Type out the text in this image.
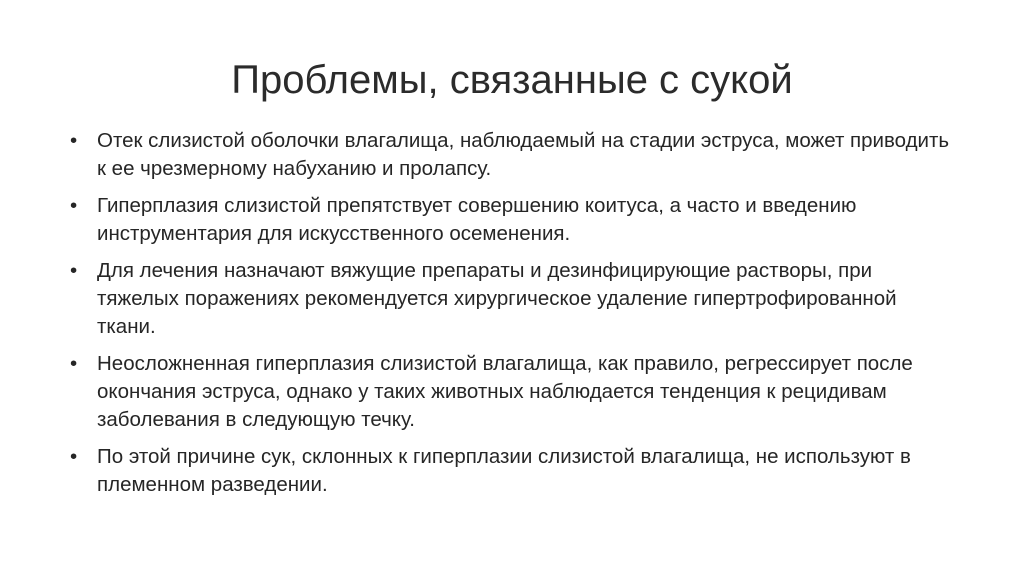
Проблемы, связанные с сукой
• Отек слизистой оболочки влагалища, наблюдаемый на стадии эструса, может приводить к ее чрезмерному набуханию и пролапсу.
• Гиперплазия слизистой препятствует совершению коитуса, а часто и введению инструментария для искусственного осеменения.
• Для лечения назначают вяжущие препараты и дезинфицирующие растворы, при тяжелых поражениях рекомендуется хирургическое удаление гипертрофированной ткани.
• Неосложненная гиперплазия слизистой влагалища, как правило, регрессирует после окончания эструса, однако у таких животных наблюдается тенденция к рецидивам заболевания в следующую течку.
• По этой причине сук, склонных к гиперплазии слизистой влагалища, не используют в племенном разведении.
